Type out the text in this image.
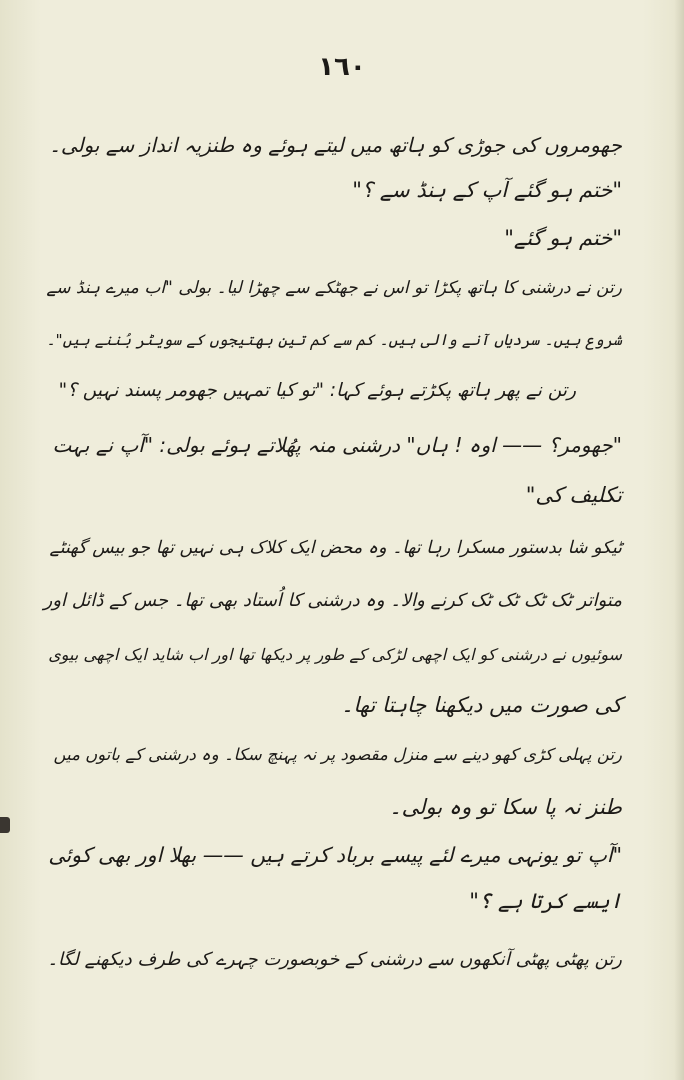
١٦٠
جھومروں کی جوڑی کو ہاتھ میں لیتے ہوئے وہ طنزیہ انداز سے بولی۔
"ختم ہو گئے آپ کے ہنڈ سے ؟"
"ختم ہو گئے"
رتن نے درشنی کا ہاتھ پکڑا تو اس نے جھٹکے سے چھڑا لیا۔ بولی "اب میرے ہنڈ سے
شروع ہیں۔ سردیاں آنے والی ہیں۔ کم سے کم تین بھتیجوں کے سویٹر بُننے ہیں"۔
رتن نے پھر ہاتھ پکڑتے ہوئے کہا: "تو کیا تمہیں جھومر پسند نہیں ؟"
"جھومر؟ —— اوہ ! ہاں" درشنی منہ پھُلاتے ہوئے بولی: "آپ نے بہت
تکلیف کی"
ٹیکو شا بدستور مسکرا رہا تھا۔ وہ محض ایک کلاک ہی نہیں تھا جو بیس گھنٹے
متواتر ٹک ٹک ٹک ٹک کرنے والا۔ وہ درشنی کا اُستاد بھی تھا۔ جس کے ڈائل اور
سوئیوں نے درشنی کو ایک اچھی لڑکی کے طور پر دیکھا تھا اور اب شاید ایک اچھی بیوی
کی صورت میں دیکھنا چاہتا تھا۔
رتن پہلی کڑی کھو دینے سے منزل مقصود پر نہ پہنچ سکا۔ وہ درشنی کے باتوں میں
طنز نہ پا سکا تو وہ بولی۔
"آپ تو یونہی میرے لئے پیسے برباد کرتے ہیں —— بھلا اور بھی کوئی
ایسے کرتا ہے ؟"
رتن پھٹی پھٹی آنکھوں سے درشنی کے خوبصورت چہرے کی طرف دیکھنے لگا۔
